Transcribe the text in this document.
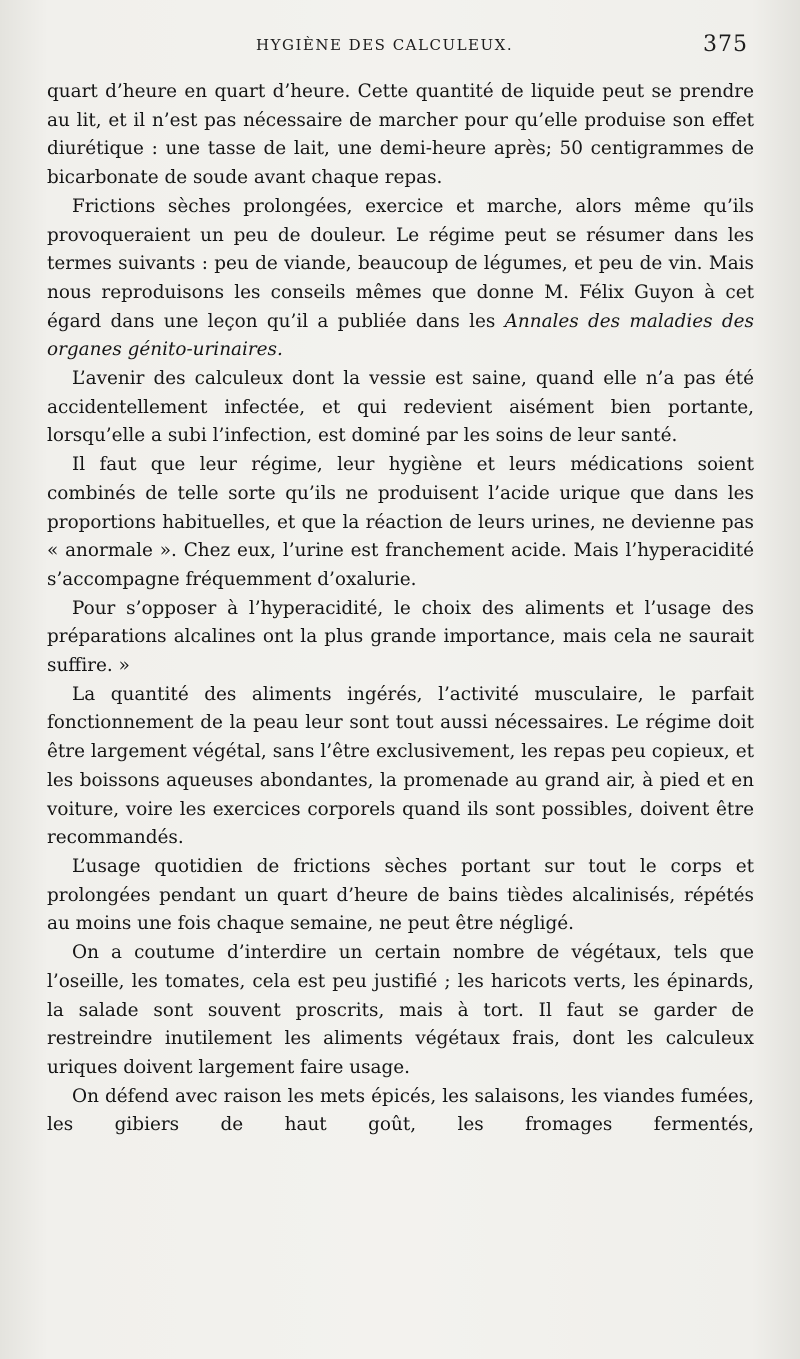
HYGIÈNE DES CALCULEUX.	375

quart d’heure en quart d’heure. Cette quantité de liquide peut se prendre au lit, et il n’est pas nécessaire de marcher pour qu’elle produise son effet diurétique : une tasse de lait, une demi-heure après; 50 centigrammes de bicarbonate de soude avant chaque repas.

Frictions sèches prolongées, exercice et marche, alors même qu’ils provoqueraient un peu de douleur. Le régime peut se résumer dans les termes suivants : peu de viande, beaucoup de légumes, et peu de vin. Mais nous reproduisons les conseils mêmes que donne M. Félix Guyon à cet égard dans une leçon qu’il a publiée dans les Annales des maladies des organes génito-urinaires.

L’avenir des calculeux dont la vessie est saine, quand elle n’a pas été accidentellement infectée, et qui redevient aisément bien portante, lorsqu’elle a subi l’infection, est dominé par les soins de leur santé.

Il faut que leur régime, leur hygiène et leurs médications soient combinés de telle sorte qu’ils ne produisent l’acide urique que dans les proportions habituelles, et que la réaction de leurs urines, ne devienne pas « anormale ». Chez eux, l’urine est franchement acide. Mais l’hyperacidité s’accompagne fréquemment d’oxalurie.

Pour s’opposer à l’hyperacidité, le choix des aliments et l’usage des préparations alcalines ont la plus grande importance, mais cela ne saurait suffire. »

La quantité des aliments ingérés, l’activité musculaire, le parfait fonctionnement de la peau leur sont tout aussi nécessaires. Le régime doit être largement végétal, sans l’être exclusivement, les repas peu copieux, et les boissons aqueuses abondantes, la promenade au grand air, à pied et en voiture, voire les exercices corporels quand ils sont possibles, doivent être recommandés.

L’usage quotidien de frictions sèches portant sur tout le corps et prolongées pendant un quart d’heure de bains tièdes alcalinisés, répétés au moins une fois chaque semaine, ne peut être négligé.

On a coutume d’interdire un certain nombre de végétaux, tels que l’oseille, les tomates, cela est peu justifié ; les haricots verts, les épinards, la salade sont souvent proscrits, mais à tort. Il faut se garder de restreindre inutilement les aliments végétaux frais, dont les calculeux uriques doivent largement faire usage.

On défend avec raison les mets épicés, les salaisons, les viandes fumées, les gibiers de haut goût, les fromages fermentés,
